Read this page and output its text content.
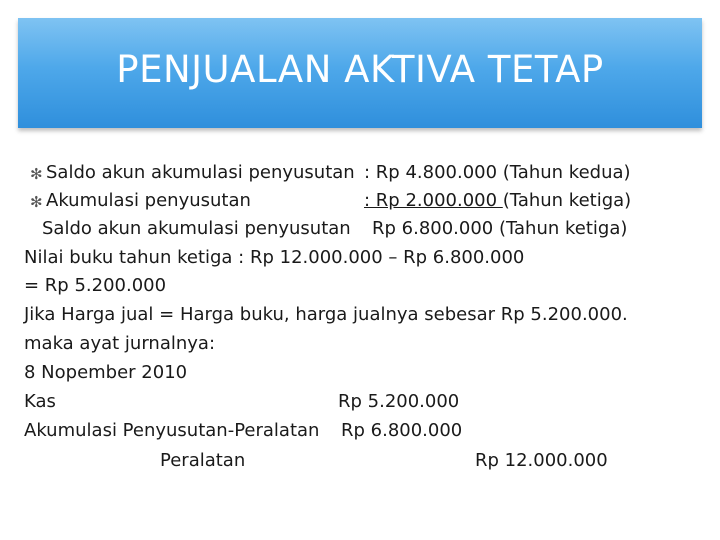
PENJUALAN AKTIVA TETAP
✻ Saldo akun akumulasi penyusutan : Rp 4.800.000 (Tahun kedua)
✻ Akumulasi penyusutan	: Rp 2.000.000 (Tahun ketiga)
Saldo akun akumulasi penyusutan Rp 6.800.000 (Tahun ketiga)
Nilai buku tahun ketiga : Rp 12.000.000 – Rp 6.800.000
= Rp 5.200.000
Jika Harga jual = Harga buku, harga jualnya sebesar Rp 5.200.000.
maka ayat jurnalnya:
8 Nopember 2010
Kas	Rp 5.200.000
Akumulasi Penyusutan-Peralatan Rp 6.800.000
Peralatan	Rp 12.000.000
